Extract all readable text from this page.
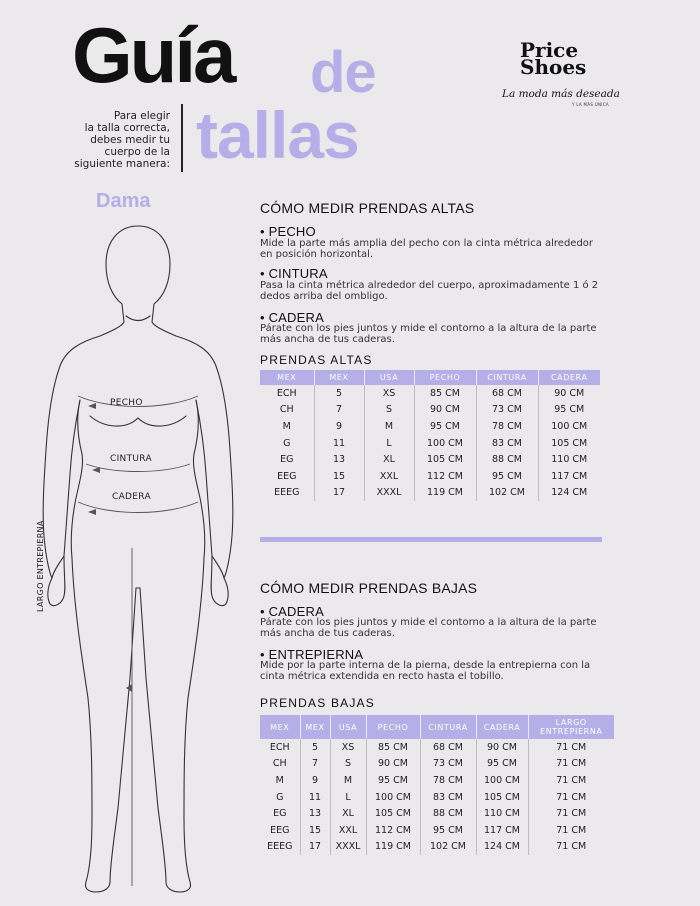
Guía de
tallas
Para elegir
la talla correcta,
debes medir tu
cuerpo de la
siguiente manera:
Price
Shoes
La moda más deseada
Y LA MÁS ÚNICA
Dama
PECHO
CINTURA
CADERA
LARGO ENTREPIERNA
CÓMO MEDIR PRENDAS ALTAS
• PECHO
Mide la parte más amplia del pecho con la cinta métrica alrededor en posición horizontal.
• CINTURA
Pasa la cinta métrica alrededor del cuerpo, aproximadamente 1 ó 2 dedos arriba del ombligo.
• CADERA
Párate con los pies juntos y mide el contorno a la altura de la parte más ancha de tus caderas.
PRENDAS ALTAS
MEX	MEX	USA	PECHO	CINTURA	CADERA
ECH	5	XS	85 CM	68 CM	90 CM
CH	7	S	90 CM	73 CM	95 CM
M	9	M	95 CM	78 CM	100 CM
G	11	L	100 CM	83 CM	105 CM
EG	13	XL	105 CM	88 CM	110 CM
EEG	15	XXL	112 CM	95 CM	117 CM
EEEG	17	XXXL	119 CM	102 CM	124 CM
CÓMO MEDIR PRENDAS BAJAS
• CADERA
Párate con los pies juntos y mide el contorno a la altura de la parte más ancha de tus caderas.
• ENTREPIERNA
Mide por la parte interna de la pierna, desde la entrepierna con la cinta métrica extendida en recto hasta el tobillo.
PRENDAS BAJAS
MEX	MEX	USA	PECHO	CINTURA	CADERA	LARGO ENTREPIERNA
ECH	5	XS	85 CM	68 CM	90 CM	71 CM
CH	7	S	90 CM	73 CM	95 CM	71 CM
M	9	M	95 CM	78 CM	100 CM	71 CM
G	11	L	100 CM	83 CM	105 CM	71 CM
EG	13	XL	105 CM	88 CM	110 CM	71 CM
EEG	15	XXL	112 CM	95 CM	117 CM	71 CM
EEEG	17	XXXL	119 CM	102 CM	124 CM	71 CM
